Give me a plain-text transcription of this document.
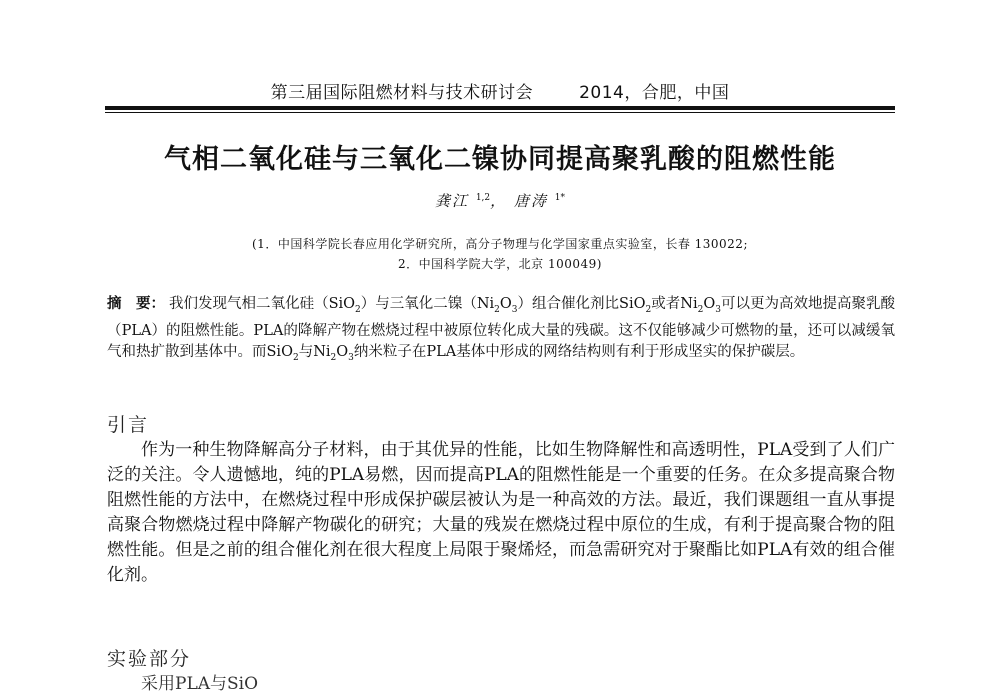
第三届国际阻燃材料与技术研讨会	2014，合肥，中国
气相二氧化硅与三氧化二镍协同提高聚乳酸的阻燃性能
龚江 $^{1,2}$， 唐涛 $^{1*}$
(1．中国科学院长春应用化学研究所，高分子物理与化学国家重点实验室，长春 130022;
2．中国科学院大学，北京 100049)
摘　要： 我们发现气相二氧化硅（SiO$_2$）与三氧化二镍$(Ni_2O_3)$组合催化剂比SiO$_2$或者$Ni_2O_3$可以更为高效地提高聚乳酸（PLA）的阻燃性能。PLA的降解产物在燃烧过程中被原位转化成大量的残碳。这不仅能够减少可燃物的量，还可以减缓氧气和热扩散到基体中。而SiO$_2$与$Ni_2O_3$纳米粒子在PLA基体中形成的网络结构则有利于形成坚实的保护碳层。
引言
作为一种生物降解高分子材料，由于其优异的性能，比如生物降解性和高透明性，PLA受到了人们广泛的关注。令人遗憾地，纯的PLA易燃，因而提高PLA的阻燃性能是一个重要的任务。在众多提高聚合物阻燃性能的方法中，在燃烧过程中形成保护碳层被认为是一种高效的方法。最近，我们课题组一直从事提高聚合物燃烧过程中降解产物碳化的研究；大量的残炭在燃烧过程中原位的生成，有利于提高聚合物的阻燃性能。但是之前的组合催化剂在很大程度上局限于聚烯烃，而急需研究对于聚酯比如PLA有效的组合催化剂。
实验部分
采用PLA与SiO
